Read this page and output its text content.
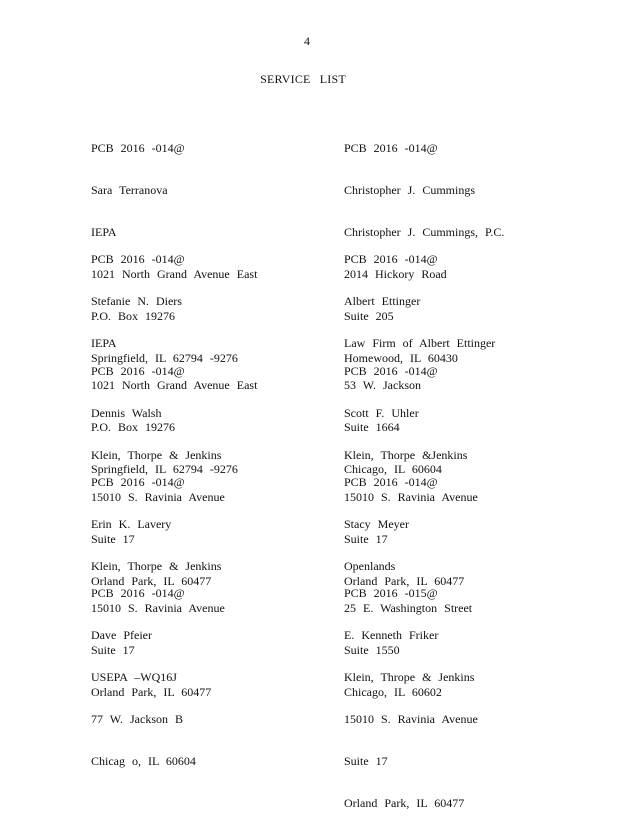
4
SERVICE LIST

PCB 2016 -014@

Sara Terranova

IEPA

1021 North Grand Avenue East

P.O. Box 19276

Springfield, IL 62794 -9276

PCB 2016 -014@

Christopher J. Cummings

Christopher J. Cummings, P.C.

2014 Hickory Road

Suite 205

Homewood, IL 60430

PCB 2016 -014@

Stefanie N. Diers

IEPA

1021 North Grand Avenue East

P.O. Box 19276

Springfield, IL 62794 -9276

PCB 2016 -014@

Albert Ettinger

Law Firm of Albert Ettinger

53 W. Jackson

Suite 1664

Chicago, IL 60604

PCB 2016 -014@

Dennis Walsh

Klein, Thorpe & Jenkins

15010 S. Ravinia Avenue

Suite 17

Orland Park, IL 60477

PCB 2016 -014@

Scott F. Uhler

Klein, Thorpe &Jenkins

15010 S. Ravinia Avenue

Suite 17

Orland Park, IL 60477

PCB 2016 -014@

Erin K. Lavery

Klein, Thorpe & Jenkins

15010 S. Ravinia Avenue

Suite 17

Orland Park, IL 60477

PCB 2016 -014@

Stacy Meyer

Openlands

25 E. Washington Street

Suite 1550

Chicago, IL 60602

PCB 2016 -014@

Dave Pfeier

USEPA –WQ16J

77 W. Jackson B

Chicag o, IL 60604

PCB 2016 -015@

E. Kenneth Friker

Klein, Thrope & Jenkins

15010 S. Ravinia Avenue

Suite 17

Orland Park, IL 60477
